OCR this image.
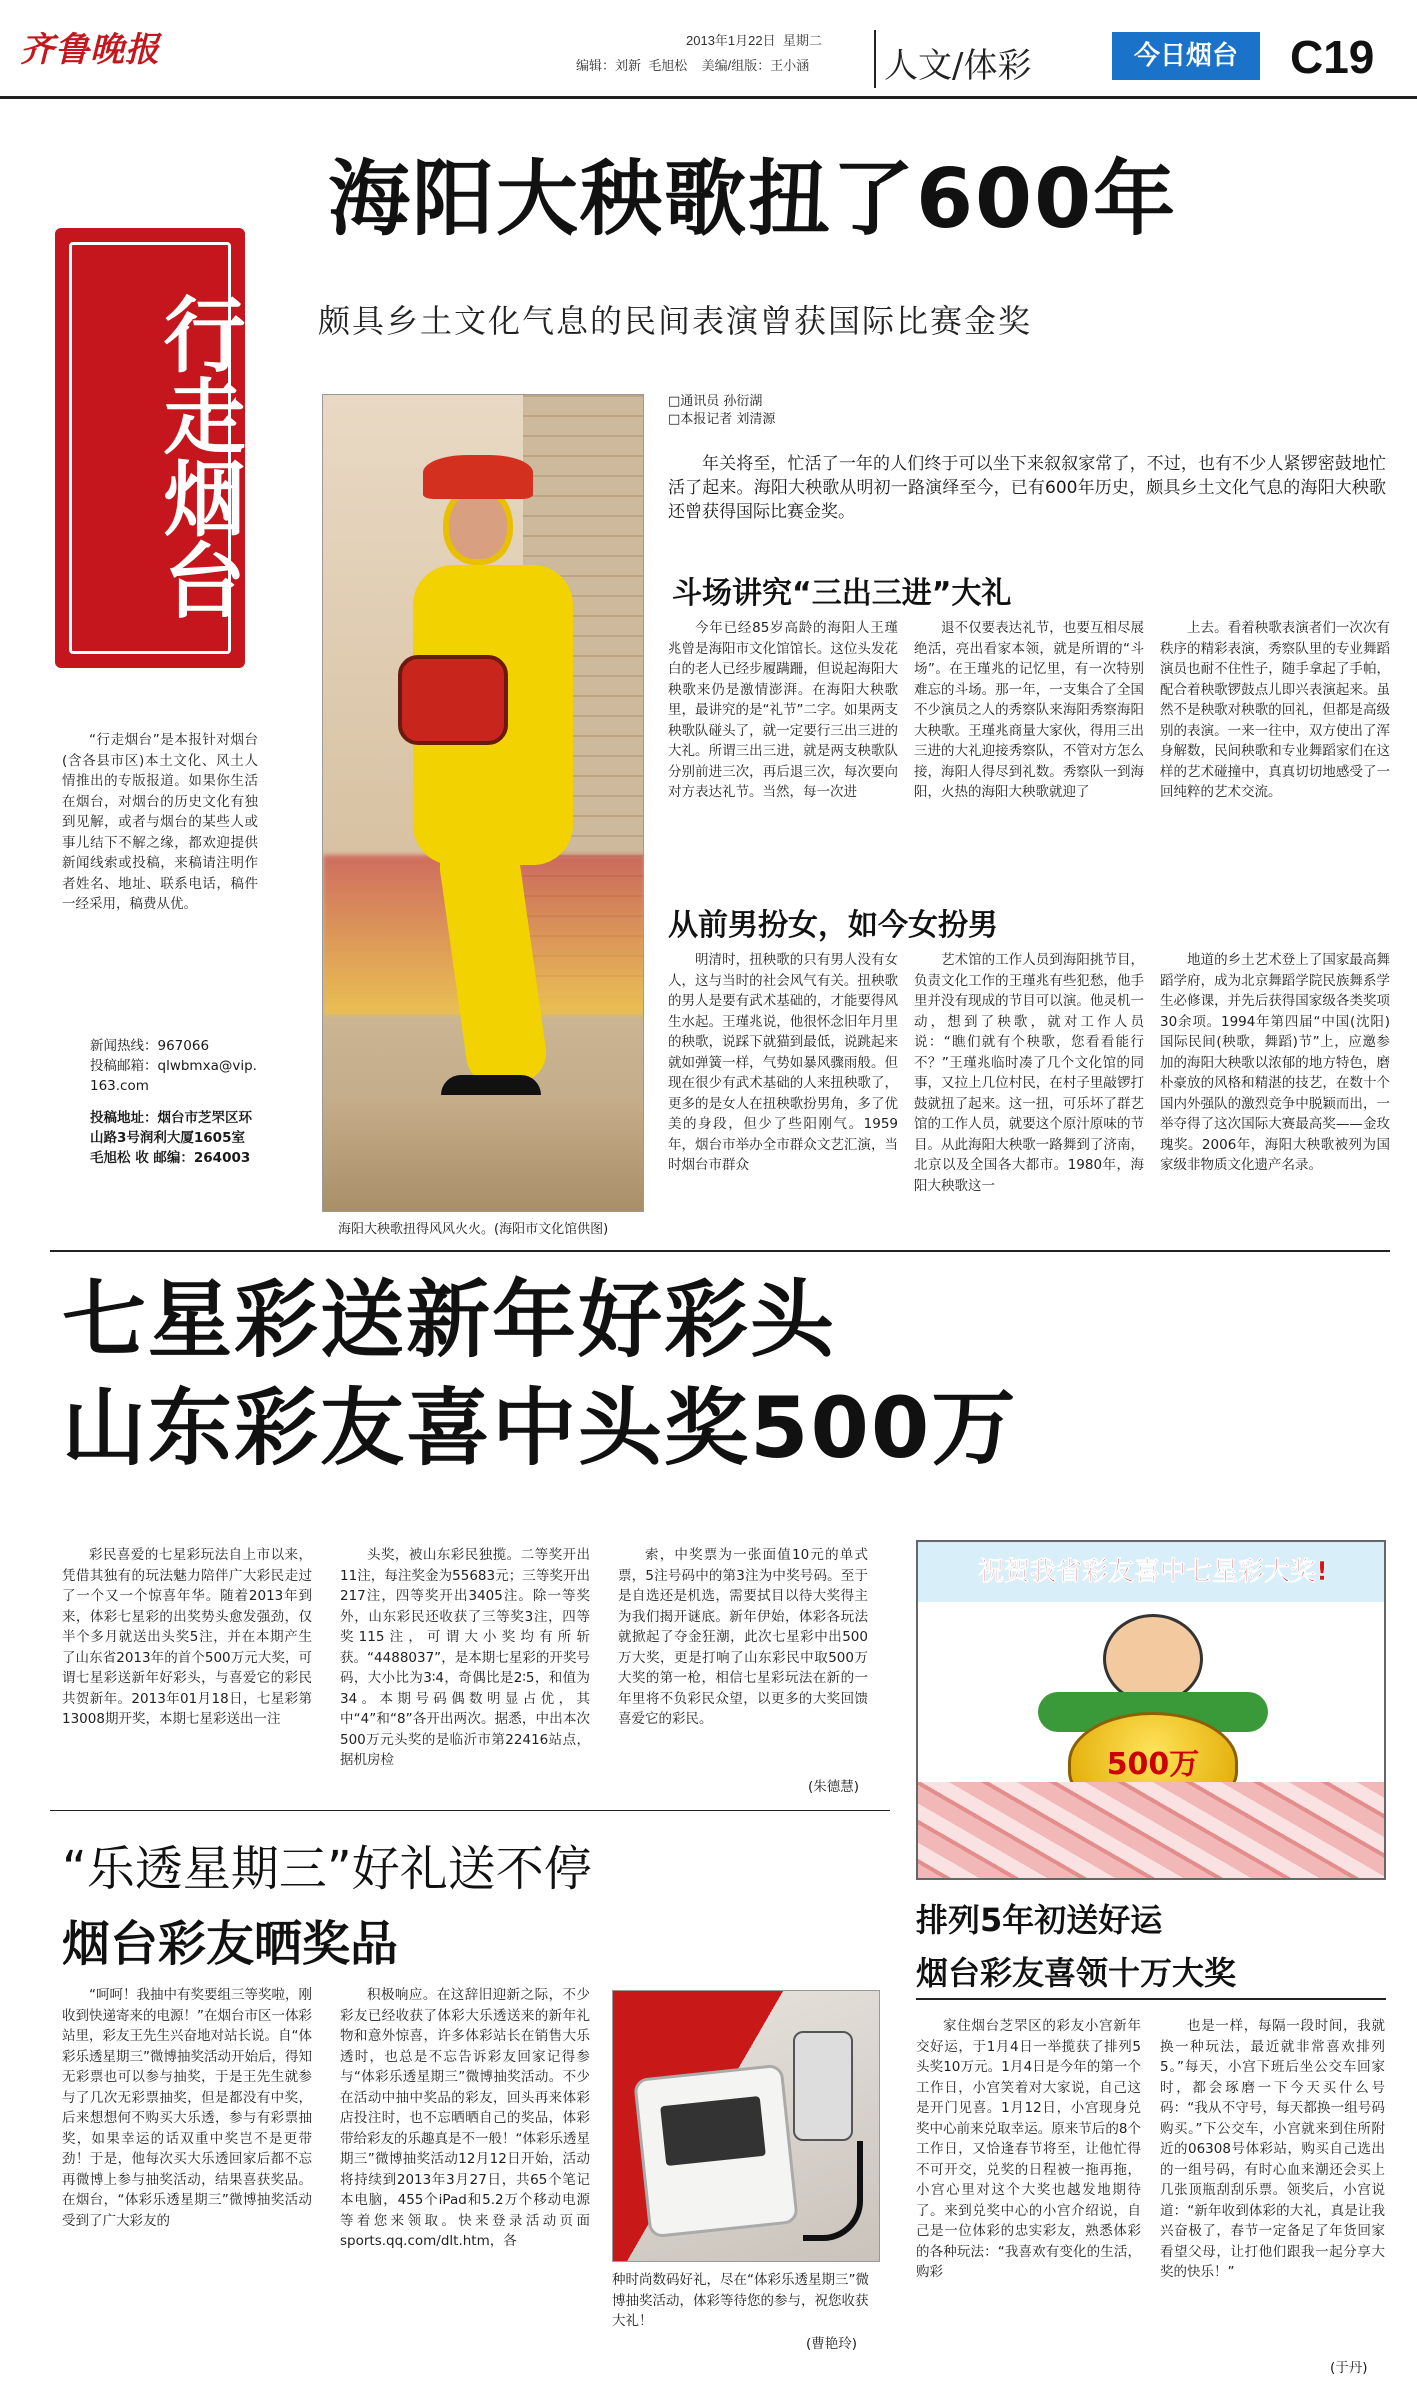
齐鲁晚报	2013年1月22日 星期二
编辑：刘新  毛旭松    美编/组版：王小涵 人文/体彩	今日烟台	C19
行走烟台

“行走烟台”是本报针对烟台(含各县市区)本土文化、风土人情推出的专版报道。如果你生活在烟台，对烟台的历史文化有独到见解，或者与烟台的某些人或事儿结下不解之缘，都欢迎提供新闻线索或投稿，来稿请注明作者姓名、地址、联系电话，稿件一经采用，稿费从优。

新闻热线：967066
投稿邮箱：qlwbmxa@vip.163.com
投稿地址：烟台市芝罘区环山路3号润利大厦1605室 毛旭松 收 邮编：264003
海阳大秧歌扭了600年
颇具乡土文化气息的民间表演曾获国际比赛金奖
海阳大秧歌扭得风风火火。(海阳市文化馆供图)
□通讯员 孙衍湖
□本报记者 刘清源

年关将至，忙活了一年的人们终于可以坐下来叙叙家常了，不过，也有不少人紧锣密鼓地忙活了起来。海阳大秧歌从明初一路演绎至今，已有600年历史，颇具乡土文化气息的海阳大秧歌还曾获得国际比赛金奖。

斗场讲究“三出三进”大礼

今年已经85岁高龄的海阳人王瑾兆曾是海阳市文化馆馆长。这位头发花白的老人已经步履蹒跚，但说起海阳大秧歌来仍是激情澎湃。在海阳大秧歌里，最讲究的是“礼节”二字。如果两支秧歌队碰头了，就一定要行三出三进的大礼。所谓三出三进，就是两支秧歌队分别前进三次，再后退三次，每次要向对方表达礼节。当然，每一次进

退不仅要表达礼节，也要互相尽展绝活，亮出看家本领，就是所谓的“斗场”。在王瑾兆的记忆里，有一次特别难忘的斗场。那一年，一支集合了全国不少演员之人的秀察队来海阳秀察海阳大秧歌。王瑾兆商量大家伙，得用三出三进的大礼迎接秀察队，不管对方怎么接，海阳人得尽到礼数。秀察队一到海阳，火热的海阳大秧歌就迎了

上去。看着秧歌表演者们一次次有秩序的精彩表演，秀察队里的专业舞蹈演员也耐不住性子，随手拿起了手帕，配合着秧歌锣鼓点儿即兴表演起来。虽然不是秧歌对秧歌的回礼，但都是高级别的表演。一来一往中，双方使出了浑身解数，民间秧歌和专业舞蹈家们在这样的艺术碰撞中，真真切切地感受了一回纯粹的艺术交流。

从前男扮女，如今女扮男

明清时，扭秧歌的只有男人没有女人，这与当时的社会风气有关。扭秧歌的男人是要有武术基础的，才能要得风生水起。王瑾兆说，他很怀念旧年月里的秧歌，说踩下就猫到最低，说跳起来就如弹簧一样，气势如暴风骤雨般。但现在很少有武术基础的人来扭秧歌了，更多的是女人在扭秧歌扮男角，多了优美的身段，但少了些阳刚气。1959年，烟台市举办全市群众文艺汇演，当时烟台市群众

艺术馆的工作人员到海阳挑节目，负责文化工作的王瑾兆有些犯愁，他手里并没有现成的节目可以演。他灵机一动，想到了秧歌，就对工作人员说：“瞧们就有个秧歌，您看看能行不？”王瑾兆临时凑了几个文化馆的同事，又拉上几位村民，在村子里敲锣打鼓就扭了起来。这一扭，可乐坏了群艺馆的工作人员，就要这个原汁原味的节目。从此海阳大秧歌一路舞到了济南，北京以及全国各大都市。1980年，海阳大秧歌这一

地道的乡土艺术登上了国家最高舞蹈学府，成为北京舞蹈学院民族舞系学生必修课，并先后获得国家级各类奖项30余项。1994年第四届“中国(沈阳)国际民间(秧歌，舞蹈)节”上，应邀参加的海阳大秧歌以浓郁的地方特色，磨朴豪放的风格和精湛的技艺，在数十个国内外强队的激烈竞争中脱颖而出，一举夺得了这次国际大赛最高奖——金玫瑰奖。2006年，海阳大秧歌被列为国家级非物质文化遗产名录。

七星彩送新年好彩头
山东彩友喜中头奖500万

彩民喜爱的七星彩玩法自上市以来，凭借其独有的玩法魅力陪伴广大彩民走过了一个又一个惊喜年华。随着2013年到来，体彩七星彩的出奖势头愈发强劲，仅半个多月就送出头奖5注，并在本期产生了山东省2013年的首个500万元大奖，可谓七星彩送新年好彩头，与喜爱它的彩民共贺新年。2013年01月18日，七星彩第13008期开奖，本期七星彩送出一注

头奖，被山东彩民独揽。二等奖开出11注，每注奖金为55683元；三等奖开出217注，四等奖开出3405注。除一等奖外，山东彩民还收获了三等奖3注，四等奖115注，可谓大小奖均有所斩获。“4488037”，是本期七星彩的开奖号码，大小比为3∶4，奇偶比是2∶5，和值为34。本期号码偶数明显占优，其中“4”和“8”各开出两次。据悉，中出本次500万元头奖的是临沂市第22416站点，据机房检

索，中奖票为一张面值10元的单式票，5注号码中的第3注为中奖号码。至于是自选还是机选，需要拭目以待大奖得主为我们揭开谜底。新年伊始，体彩各玩法就掀起了夺金狂潮，此次七星彩中出500万大奖，更是打响了山东彩民中取500万大奖的第一枪，相信七星彩玩法在新的一年里将不负彩民众望，以更多的大奖回馈喜爱它的彩民。

(朱德慧)
祝贺我省彩友喜中七星彩大奖!
500万
排列5年初送好运
烟台彩友喜领十万大奖
“乐透星期三”好礼送不停
烟台彩友晒奖品

“呵呵！我抽中有奖要组三等奖啦，刚收到快递寄来的电源！”在烟台市区一体彩站里，彩友王先生兴奋地对站长说。自“体彩乐透星期三”微博抽奖活动开始后，得知无彩票也可以参与抽奖，于是王先生就参与了几次无彩票抽奖，但是都没有中奖，后来想想何不购买大乐透，参与有彩票抽奖，如果幸运的话双重中奖岂不是更带劲！于是，他每次买大乐透回家后都不忘再微博上参与抽奖活动，结果喜获奖品。在烟台，“体彩乐透星期三”微博抽奖活动受到了广大彩友的

积极响应。在这辞旧迎新之际，不少彩友已经收获了体彩大乐透送来的新年礼物和意外惊喜，许多体彩站长在销售大乐透时，也总是不忘告诉彩友回家记得参与“体彩乐透星期三”微博抽奖活动。不少在活动中抽中奖品的彩友，回头再来体彩店投注时，也不忘晒晒自己的奖品，体彩带给彩友的乐趣真是不一般！“体彩乐透星期三”微博抽奖活动12月12日开始，活动将持续到2013年3月27日，共65个笔记本电脑，455个iPad和5.2万个移动电源等着您来领取。快来登录活动页面sports.qq.com/dlt.htm，各

种时尚数码好礼，尽在“体彩乐透星期三”微博抽奖活动，体彩等待您的参与，祝您收获大礼！
(曹艳玲)

家住烟台芝罘区的彩友小宫新年交好运，于1月4日一举揽获了排列5头奖10万元。1月4日是今年的第一个工作日，小宫笑着对大家说，自己这是开门见喜。1月12日，小宫现身兑奖中心前来兑取幸运。原来节后的8个工作日，又恰逢春节将至，让他忙得不可开交，兑奖的日程被一拖再拖，小宫心里对这个大奖也越发地期待了。来到兑奖中心的小宫介绍说，自己是一位体彩的忠实彩友，熟悉体彩的各种玩法：“我喜欢有变化的生活，购彩

也是一样，每隔一段时间，我就换一种玩法，最近就非常喜欢排列5。”每天，小宫下班后坐公交车回家时，都会琢磨一下今天买什么号码：“我从不守号，每天都换一组号码购买。”下公交车，小宫就来到住所附近的06308号体彩站，购买自己选出的一组号码，有时心血来潮还会买上几张顶瓶刮刮乐票。领奖后，小宫说道：“新年收到体彩的大礼，真是让我兴奋极了，春节一定备足了年货回家看望父母，让打他们跟我一起分享大奖的快乐！”

(于丹)
